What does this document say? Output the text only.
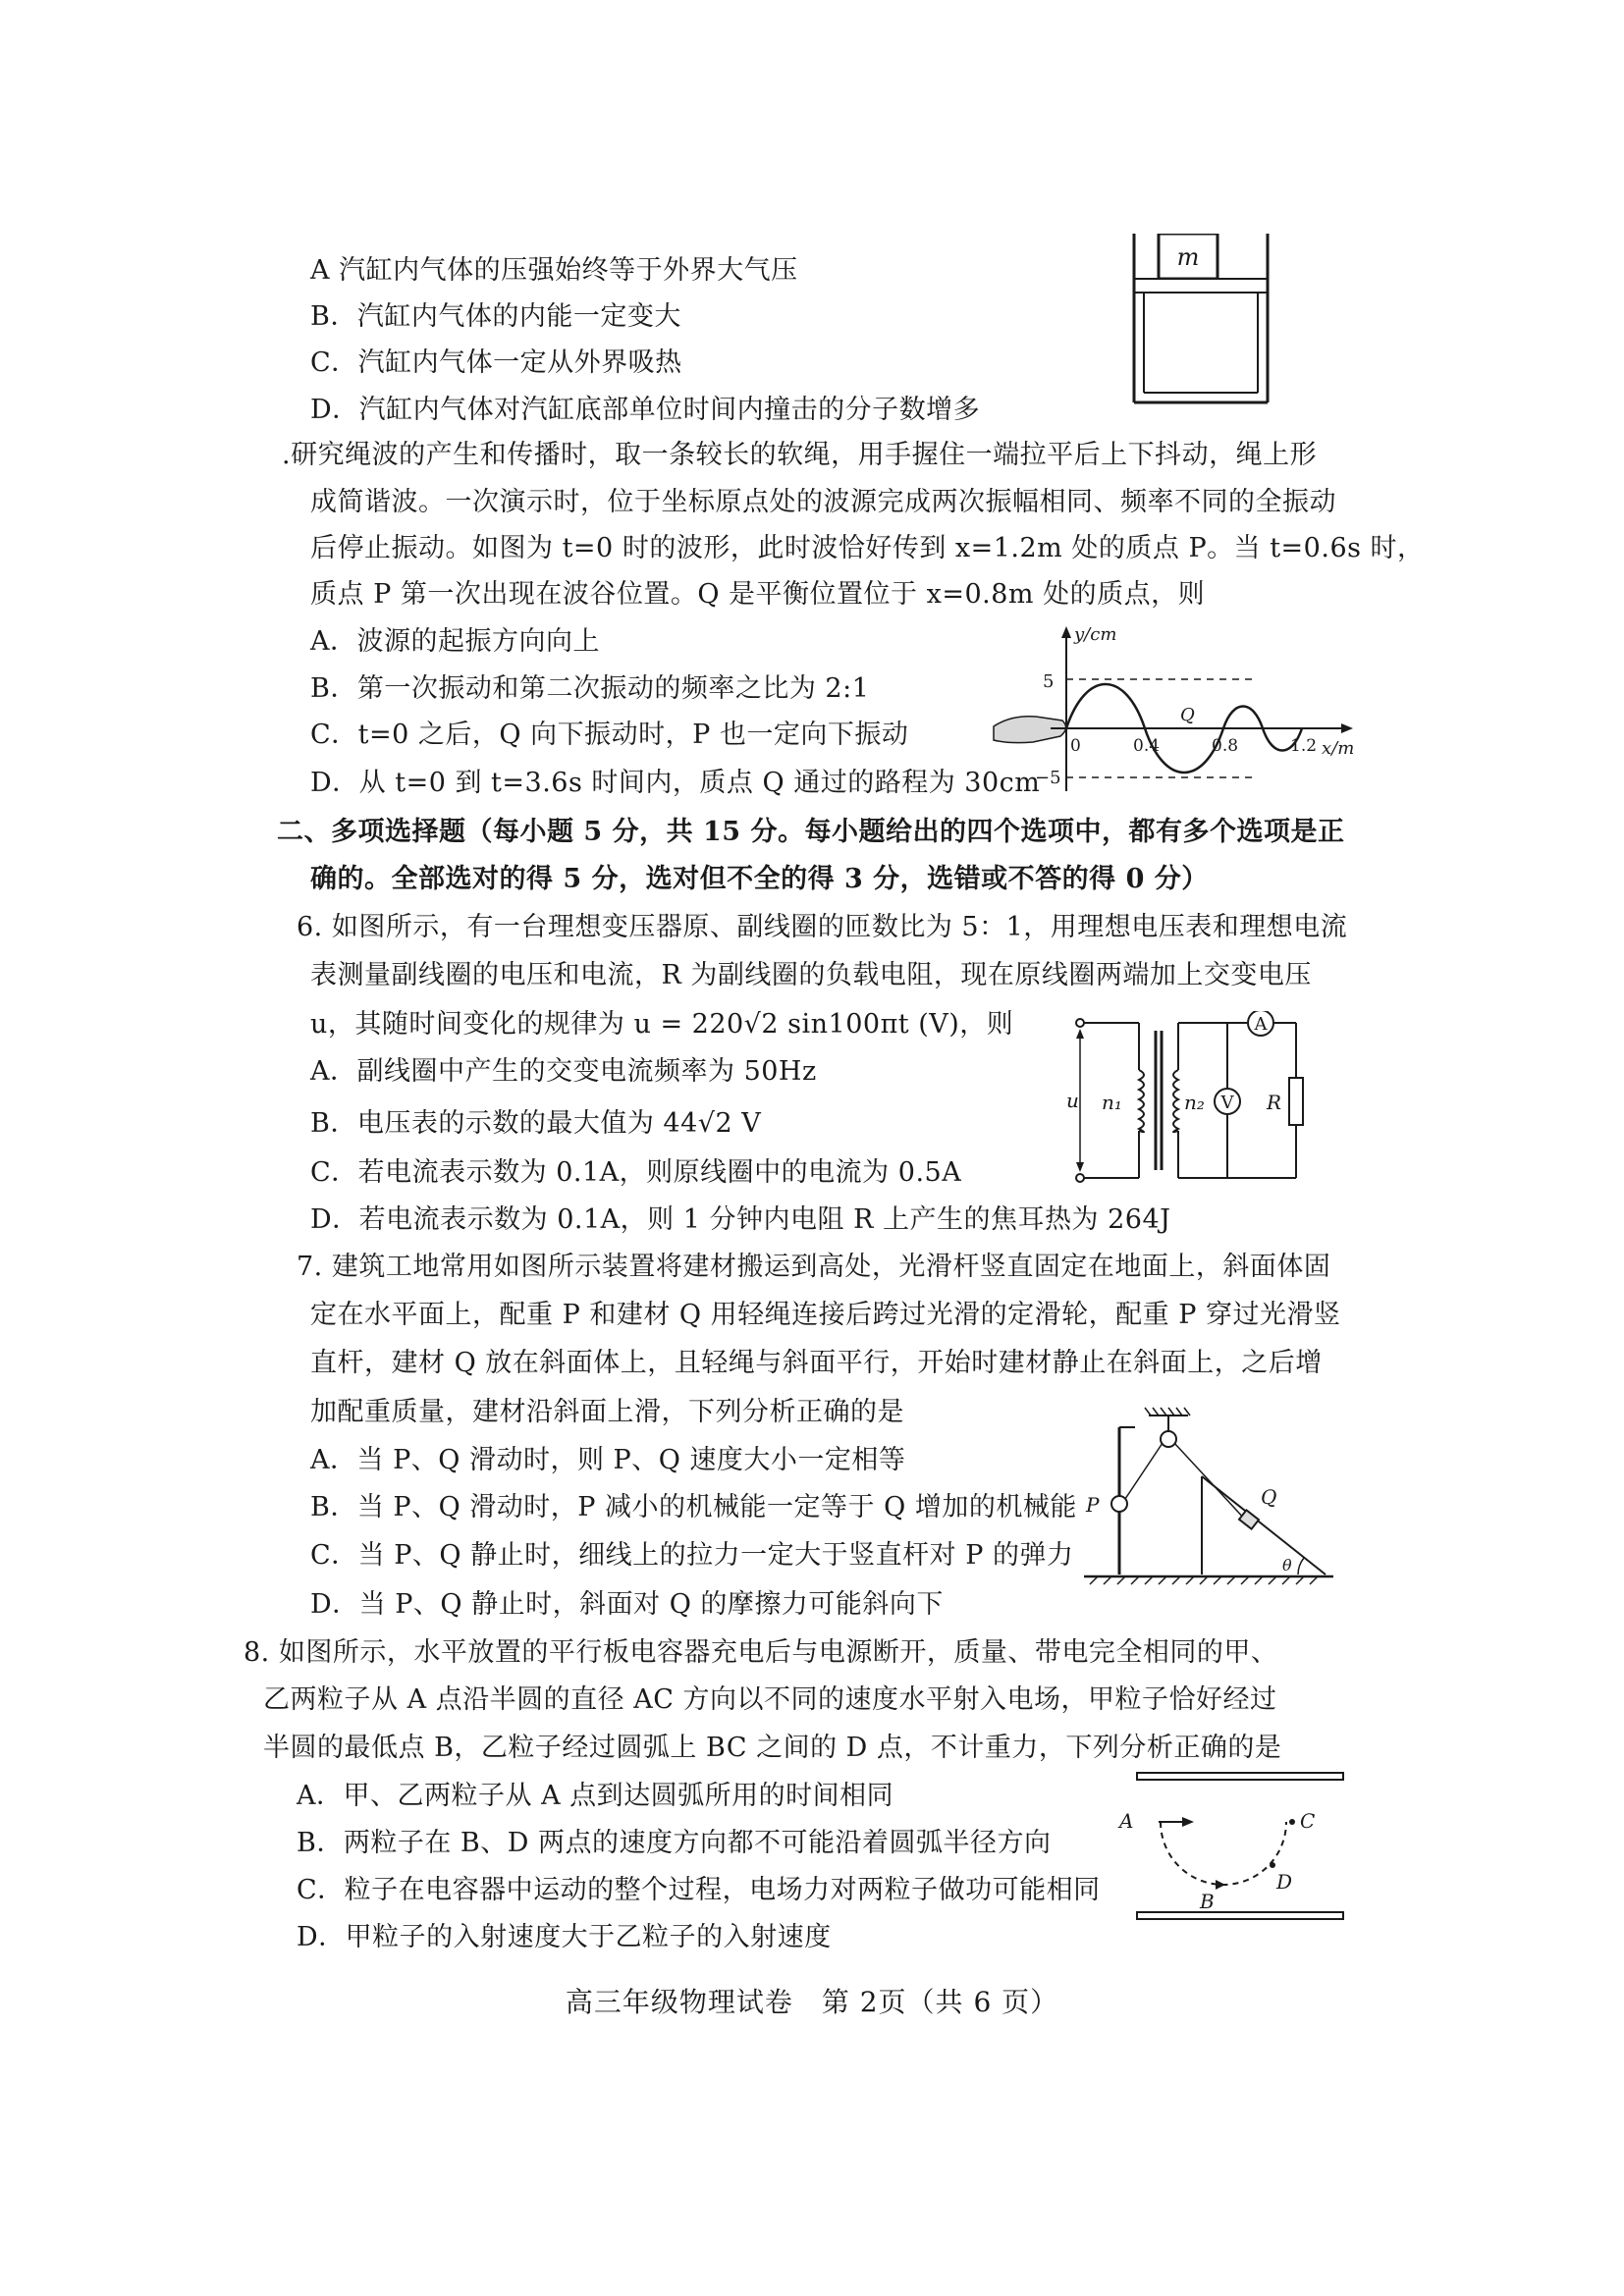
A 汽缸内气体的压强始终等于外界大气压
B．汽缸内气体的内能一定变大
C．汽缸内气体一定从外界吸热
D．汽缸内气体对汽缸底部单位时间内撞击的分子数增多
m
.研究绳波的产生和传播时，取一条较长的软绳，用手握住一端拉平后上下抖动，绳上形
成简谐波。一次演示时，位于坐标原点处的波源完成两次振幅相同、频率不同的全振动
后停止振动。如图为 t=0 时的波形，此时波恰好传到 x=1.2m 处的质点 P。当 t=0.6s 时，
质点 P 第一次出现在波谷位置。Q 是平衡位置位于 x=0.8m 处的质点，则
A．波源的起振方向向上
B．第一次振动和第二次振动的频率之比为 2:1
C．t=0 之后，Q 向下振动时，P 也一定向下振动
D．从 t=0 到 t=3.6s 时间内，质点 Q 通过的路程为 30cm
y/cm
x/m
5
−5
0	0.4	0.8	1.2
Q
二、多项选择题（每小题 5 分，共 15 分。每小题给出的四个选项中，都有多个选项是正
确的。全部选对的得 5 分，选对但不全的得 3 分，选错或不答的得 0 分）
6. 如图所示，有一台理想变压器原、副线圈的匝数比为 5：1，用理想电压表和理想电流
表测量副线圈的电压和电流，R 为副线圈的负载电阻，现在原线圈两端加上交变电压
u，其随时间变化的规律为 u = 220√2 sin100πt (V)，则
A．副线圈中产生的交变电流频率为 50Hz
B．电压表的示数的最大值为 44√2 V
C．若电流表示数为 0.1A，则原线圈中的电流为 0.5A
D．若电流表示数为 0.1A，则 1 分钟内电阻 R 上产生的焦耳热为 264J
u n₁	n₂
A
V R
7. 建筑工地常用如图所示装置将建材搬运到高处，光滑杆竖直固定在地面上，斜面体固
定在水平面上，配重 P 和建材 Q 用轻绳连接后跨过光滑的定滑轮，配重 P 穿过光滑竖
直杆，建材 Q 放在斜面体上，且轻绳与斜面平行，开始时建材静止在斜面上，之后增
加配重质量，建材沿斜面上滑，下列分析正确的是
A．当 P、Q 滑动时，则 P、Q 速度大小一定相等
B．当 P、Q 滑动时，P 减小的机械能一定等于 Q 增加的机械能
C．当 P、Q 静止时，细线上的拉力一定大于竖直杆对 P 的弹力
D．当 P、Q 静止时，斜面对 Q 的摩擦力可能斜向下
P	Q
θ
8. 如图所示，水平放置的平行板电容器充电后与电源断开，质量、带电完全相同的甲、
乙两粒子从 A 点沿半圆的直径 AC 方向以不同的速度水平射入电场，甲粒子恰好经过
半圆的最低点 B，乙粒子经过圆弧上 BC 之间的 D 点，不计重力，下列分析正确的是
A．甲、乙两粒子从 A 点到达圆弧所用的时间相同
B．两粒子在 B、D 两点的速度方向都不可能沿着圆弧半径方向
C．粒子在电容器中运动的整个过程，电场力对两粒子做功可能相同
D．甲粒子的入射速度大于乙粒子的入射速度
A	C
B
D
高三年级物理试卷　第 2页（共 6 页）
